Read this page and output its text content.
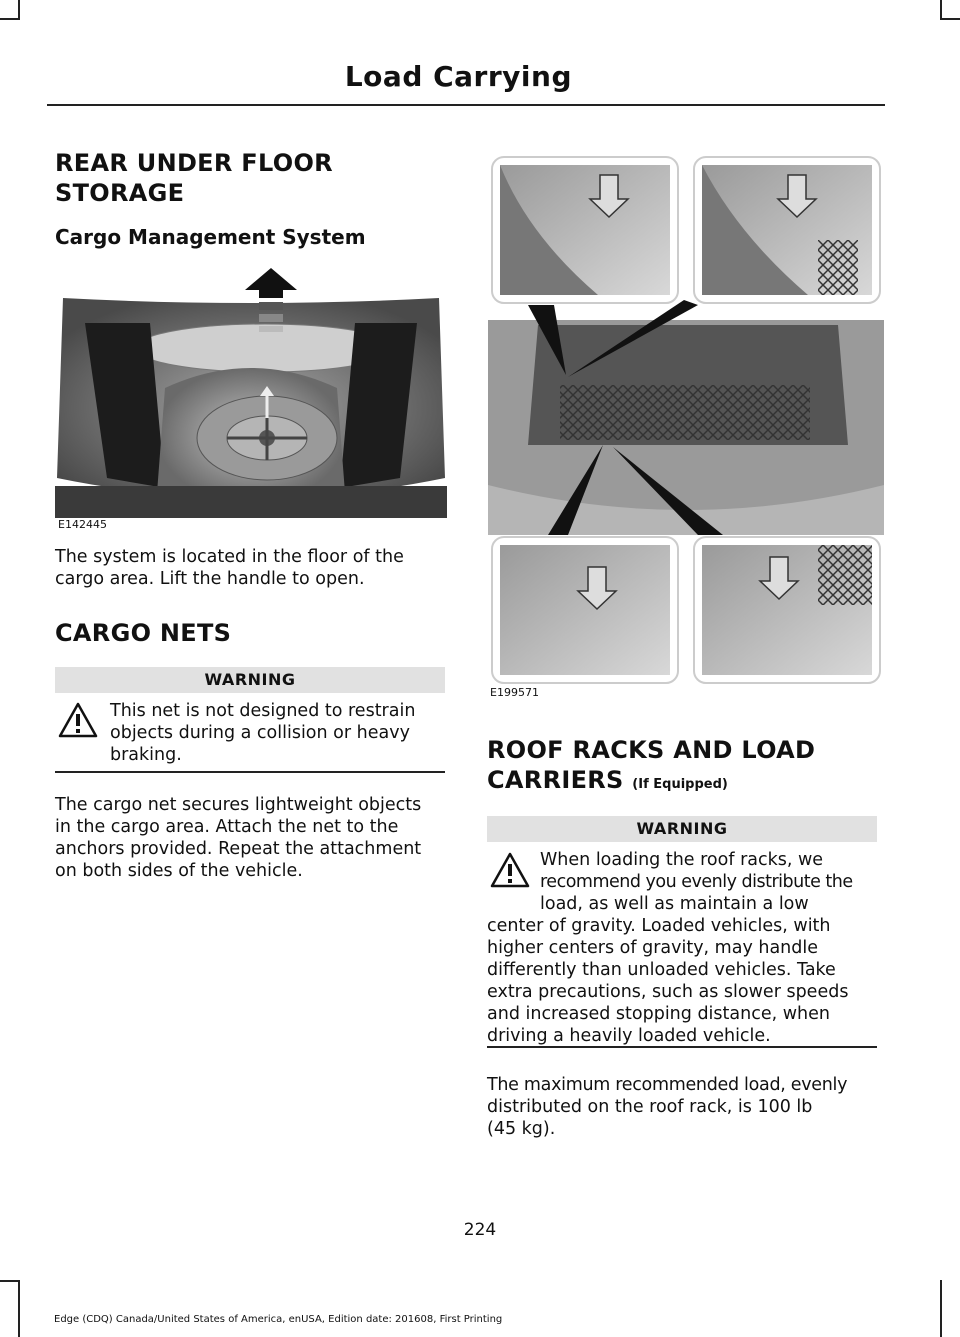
Load Carrying
REAR UNDER FLOOR
STORAGE
Cargo Management System
E142445
The system is located in the floor of the
cargo area. Lift the handle to open.
CARGO NETS
WARNING
This net is not designed to restrain
objects during a collision or heavy
braking.
The cargo net secures lightweight objects
in the cargo area. Attach the net to the
anchors provided. Repeat the attachment
on both sides of the vehicle.
E199571
ROOF RACKS AND LOAD
CARRIERS (If Equipped)
WARNING
When loading the roof racks, we
recommend you evenly distribute the
load, as well as maintain a low
center of gravity. Loaded vehicles, with
higher centers of gravity, may handle
differently than unloaded vehicles. Take
extra precautions, such as slower speeds
and increased stopping distance, when
driving a heavily loaded vehicle.
The maximum recommended load, evenly
distributed on the roof rack, is 100 lb
(45 kg).
224
Edge (CDQ) Canada/United States of America, enUSA, Edition date: 201608, First Printing
